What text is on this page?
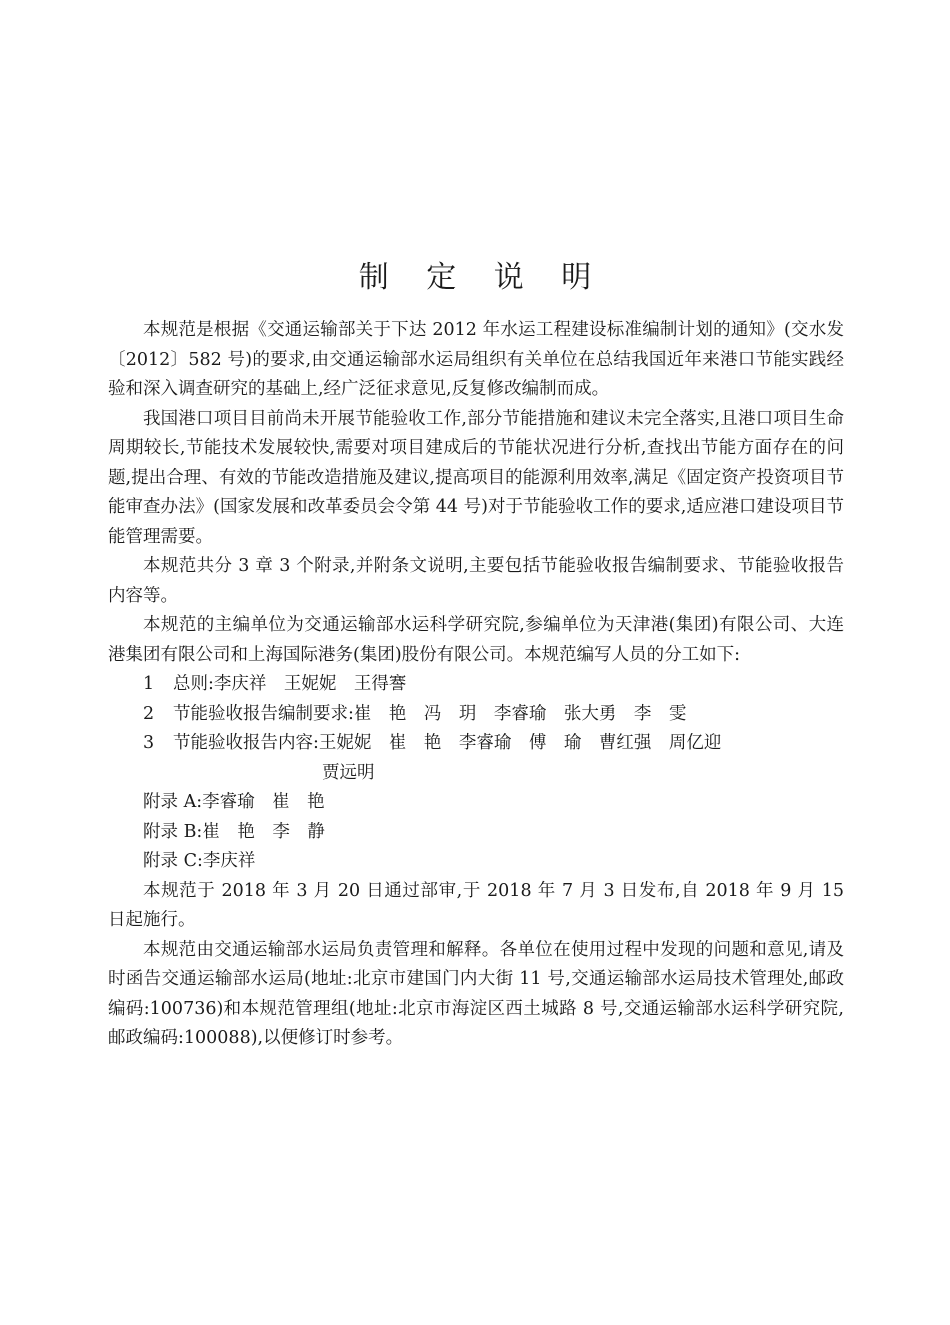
制 定 说 明

本规范是根据《交通运输部关于下达 2012 年水运工程建设标准编制计划的通知》(交水发〔2012〕582 号)的要求,由交通运输部水运局组织有关单位在总结我国近年来港口节能实践经验和深入调查研究的基础上,经广泛征求意见,反复修改编制而成。

我国港口项目目前尚未开展节能验收工作,部分节能措施和建议未完全落实,且港口项目生命周期较长,节能技术发展较快,需要对项目建成后的节能状况进行分析,查找出节能方面存在的问题,提出合理、有效的节能改造措施及建议,提高项目的能源利用效率,满足《固定资产投资项目节能审查办法》(国家发展和改革委员会令第 44 号)对于节能验收工作的要求,适应港口建设项目节能管理需要。

本规范共分 3 章 3 个附录,并附条文说明,主要包括节能验收报告编制要求、节能验收报告内容等。

本规范的主编单位为交通运输部水运科学研究院,参编单位为天津港(集团)有限公司、大连港集团有限公司和上海国际港务(集团)股份有限公司。本规范编写人员的分工如下:

1 总则:李庆祥　王妮妮　王得謇

2 节能验收报告编制要求:崔　艳　冯　玥　李睿瑜　张大勇　李　雯

3 节能验收报告内容:王妮妮　崔　艳　李睿瑜　傅　瑜　曹红强　周亿迎

贾远明

附录 A:李睿瑜　崔　艳

附录 B:崔　艳　李　静

附录 C:李庆祥

本规范于 2018 年 3 月 20 日通过部审,于 2018 年 7 月 3 日发布,自 2018 年 9 月 15 日起施行。

本规范由交通运输部水运局负责管理和解释。各单位在使用过程中发现的问题和意见,请及时函告交通运输部水运局(地址:北京市建国门内大街 11 号,交通运输部水运局技术管理处,邮政编码:100736)和本规范管理组(地址:北京市海淀区西土城路 8 号,交通运输部水运科学研究院,邮政编码:100088),以便修订时参考。
